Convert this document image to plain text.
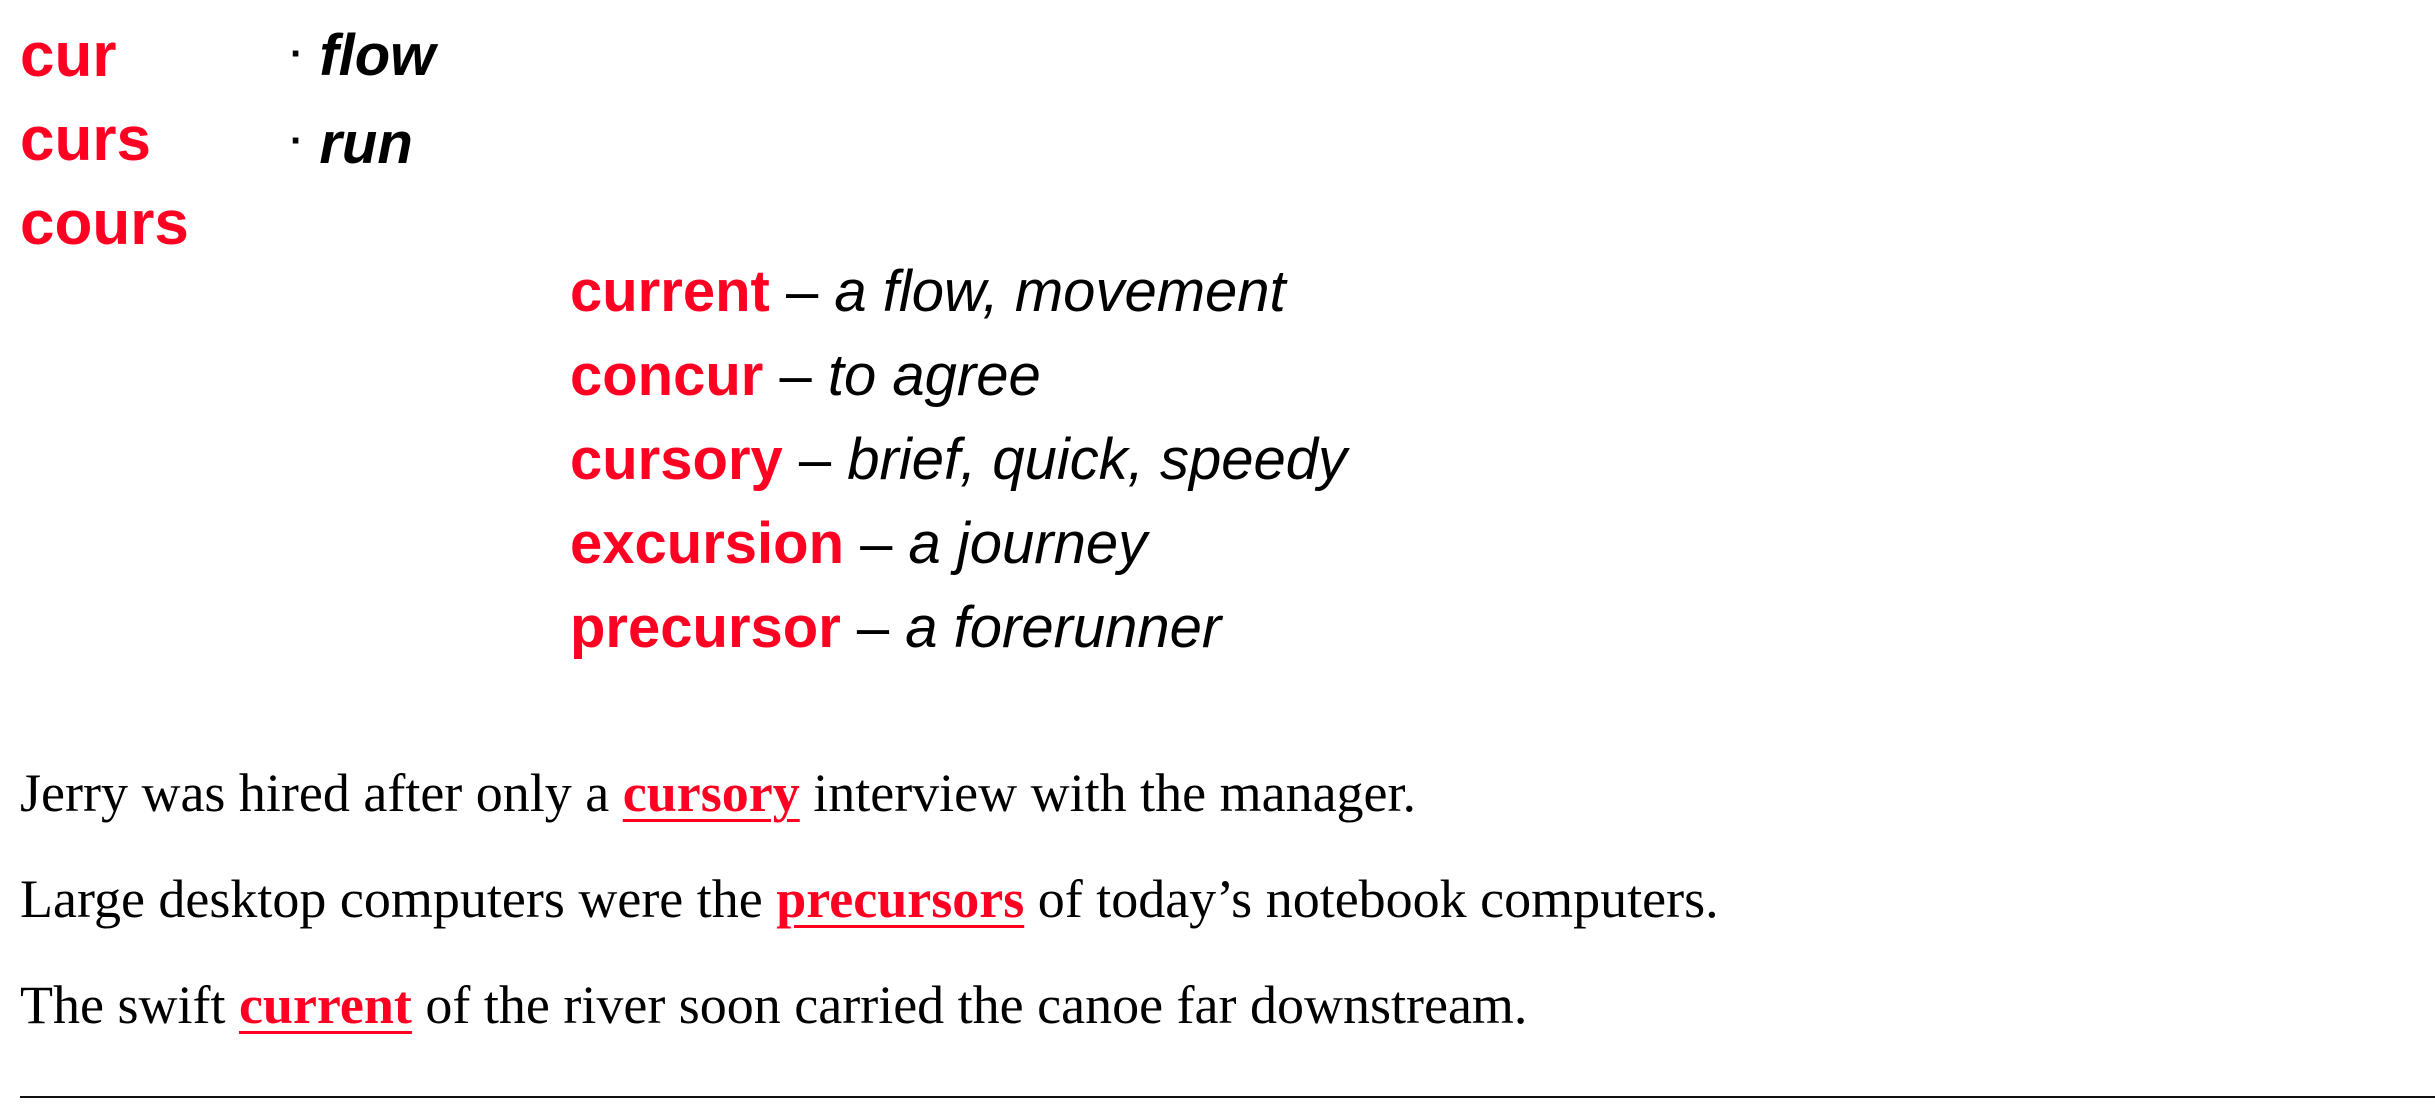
cur
curs
cours
· flow
· run
current – a flow, movement
concur – to agree
cursory – brief, quick, speedy
excursion – a journey
precursor – a forerunner
Jerry was hired after only a cursory interview with the manager.
Large desktop computers were the precursors of today’s notebook computers.
The swift current of the river soon carried the canoe far downstream.
